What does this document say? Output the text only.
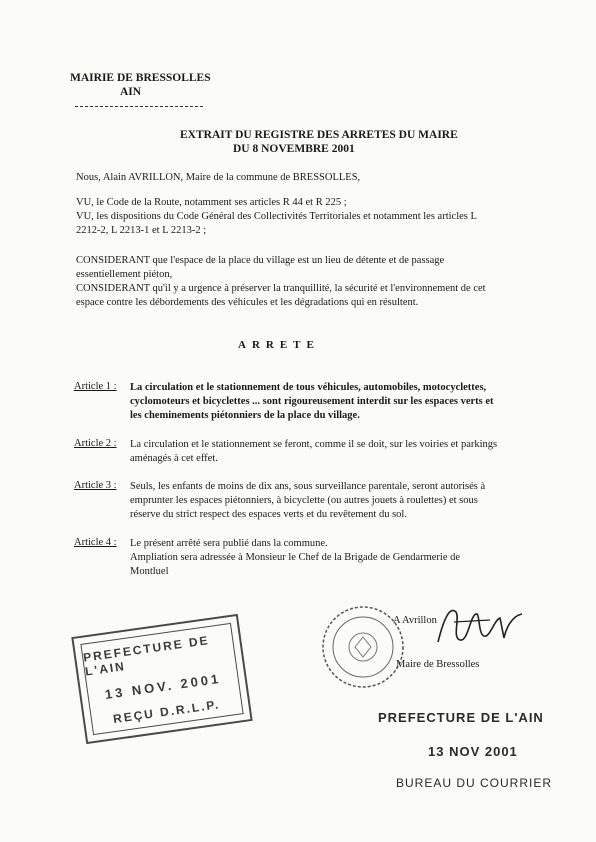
MAIRIE DE BRESSOLLES
AIN
EXTRAIT DU REGISTRE DES ARRETES DU MAIRE
DU 8 NOVEMBRE 2001
Nous, Alain AVRILLON, Maire de la commune de BRESSOLLES,
VU, le Code de la Route, notamment ses articles R 44 et R 225 ;
VU, les dispositions du Code Général des Collectivités Territoriales et notamment les articles L
2212-2, L 2213-1 et L 2213-2 ;
CONSIDERANT que l'espace de la place du village est un lieu de détente et de passage
essentiellement piéton,
CONSIDERANT qu'il y a urgence à préserver la tranquillité, la sécurité et l'environnement de cet
espace contre les débordements des véhicules et les dégradations qui en résultent.
ARRETE
Article 1 : La circulation et le stationnement de tous véhicules, automobiles, motocyclettes,
cyclomoteurs et bicyclettes ... sont rigoureusement interdit sur les espaces verts et
les cheminements piétonniers de la place du village.
Article 2 : La circulation et le stationnement se feront, comme il se doit, sur les voiries et parkings
aménagés à cet effet.
Article 3 : Seuls, les enfants de moins de dix ans, sous surveillance parentale, seront autorisés à
emprunter les espaces piétonniers, à bicyclette (ou autres jouets à roulettes) et sous
réserve du strict respect des espaces verts et du revêtement du sol.
Article 4 : Le présent arrêté sera publié dans la commune.
Ampliation sera adressée à Monsieur le Chef de la Brigade de Gendarmerie de
Montluel
A Avrillon
Maire de Bressolles
PREFECTURE DE L'AIN
13 NOV. 2001
REÇU D.R.L.P.	PREFECTURE DE L'AIN
13 NOV 2001
BUREAU DU COURRIER
